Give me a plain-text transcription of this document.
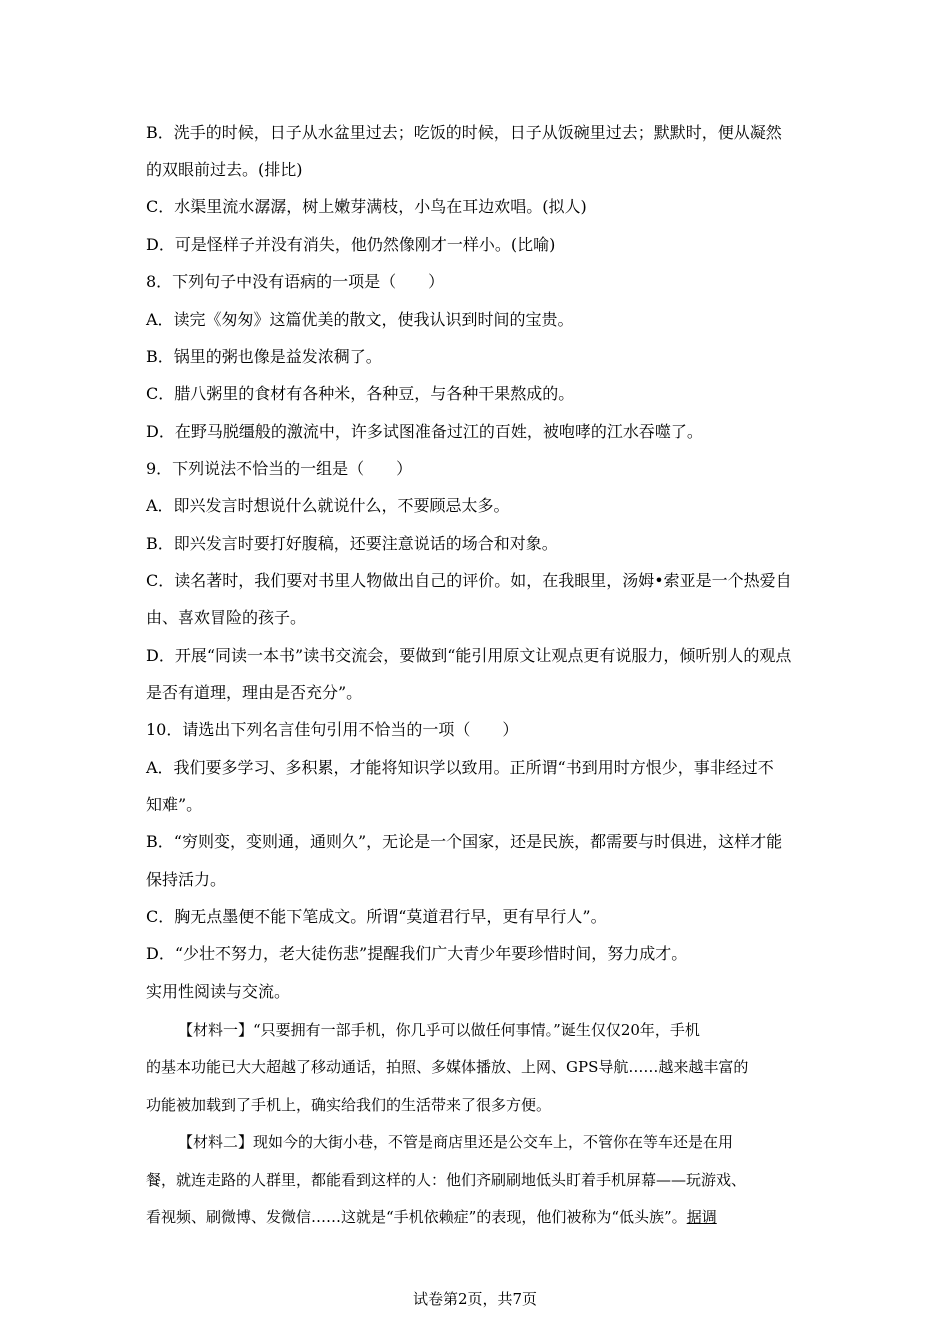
B．洗手的时候，日子从水盆里过去；吃饭的时候，日子从饭碗里过去；默默时，便从凝然
的双眼前过去。(排比)
C．水渠里流水潺潺，树上嫩芽满枝，小鸟在耳边欢唱。(拟人)
D．可是怪样子并没有消失，他仍然像刚才一样小。(比喻)
8．下列句子中没有语病的一项是（　　）
A．读完《匆匆》这篇优美的散文，使我认识到时间的宝贵。
B．锅里的粥也像是益发浓稠了。
C．腊八粥里的食材有各种米，各种豆，与各种干果熬成的。
D．在野马脱缰般的激流中，许多试图准备过江的百姓，被咆哮的江水吞噬了。
9．下列说法不恰当的一组是（　　）
A．即兴发言时想说什么就说什么，不要顾忌太多。
B．即兴发言时要打好腹稿，还要注意说话的场合和对象。
C．读名著时，我们要对书里人物做出自己的评价。如，在我眼里，汤姆•索亚是一个热爱自
由、喜欢冒险的孩子。
D．开展“同读一本书”读书交流会，要做到“能引用原文让观点更有说服力，倾听别人的观点
是否有道理，理由是否充分”。
10．请选出下列名言佳句引用不恰当的一项（　　）
A．我们要多学习、多积累，才能将知识学以致用。正所谓“书到用时方恨少，事非经过不
知难”。
B．“穷则变，变则通，通则久”，无论是一个国家，还是民族，都需要与时俱进，这样才能
保持活力。
C．胸无点墨便不能下笔成文。所谓“莫道君行早，更有早行人”。
D．“少壮不努力，老大徒伤悲”提醒我们广大青少年要珍惜时间，努力成才。
实用性阅读与交流。
【材料一】“只要拥有一部手机，你几乎可以做任何事情。”诞生仅仅20年，手机
的基本功能已大大超越了移动通话，拍照、多媒体播放、上网、GPS导航……越来越丰富的
功能被加载到了手机上，确实给我们的生活带来了很多方便。
【材料二】现如今的大街小巷，不管是商店里还是公交车上，不管你在等车还是在用
餐，就连走路的人群里，都能看到这样的人：他们齐刷刷地低头盯着手机屏幕——玩游戏、
看视频、刷微博、发微信……这就是“手机依赖症”的表现，他们被称为“低头族”。据调
试卷第2页，共7页
